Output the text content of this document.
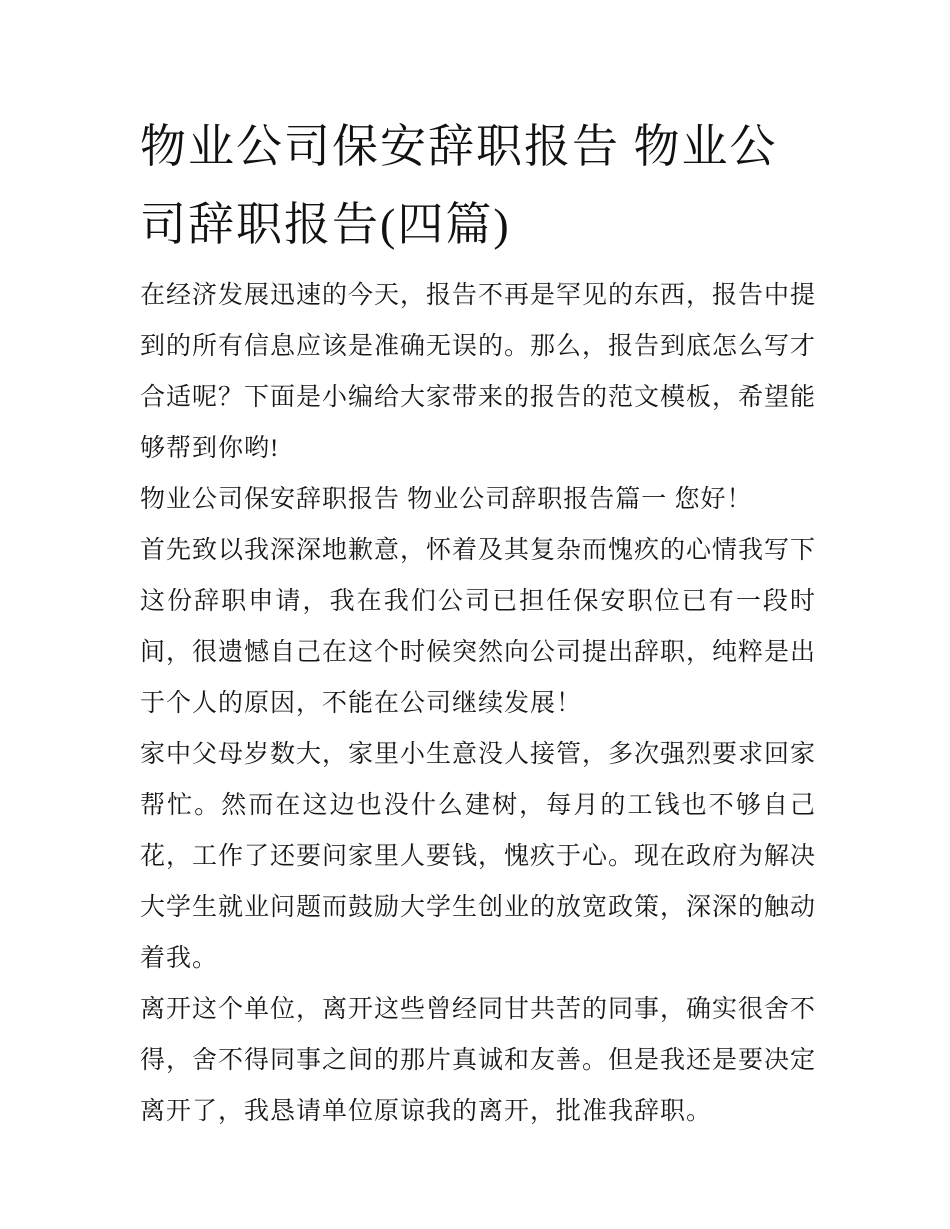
物业公司保安辞职报告 物业公司辞职报告(四篇)

在经济发展迅速的今天，报告不再是罕见的东西，报告中提到的所有信息应该是准确无误的。那么，报告到底怎么写才合适呢？下面是小编给大家带来的报告的范文模板，希望能够帮到你哟!

物业公司保安辞职报告 物业公司辞职报告篇一 您好！

首先致以我深深地歉意，怀着及其复杂而愧疚的心情我写下这份辞职申请，我在我们公司已担任保安职位已有一段时间，很遗憾自己在这个时候突然向公司提出辞职，纯粹是出于个人的原因，不能在公司继续发展！

家中父母岁数大，家里小生意没人接管，多次强烈要求回家帮忙。然而在这边也没什么建树，每月的工钱也不够自己花，工作了还要问家里人要钱，愧疚于心。现在政府为解决大学生就业问题而鼓励大学生创业的放宽政策，深深的触动着我。

离开这个单位，离开这些曾经同甘共苦的同事，确实很舍不得，舍不得同事之间的那片真诚和友善。但是我还是要决定离开了，我恳请单位原谅我的离开，批准我辞职。
